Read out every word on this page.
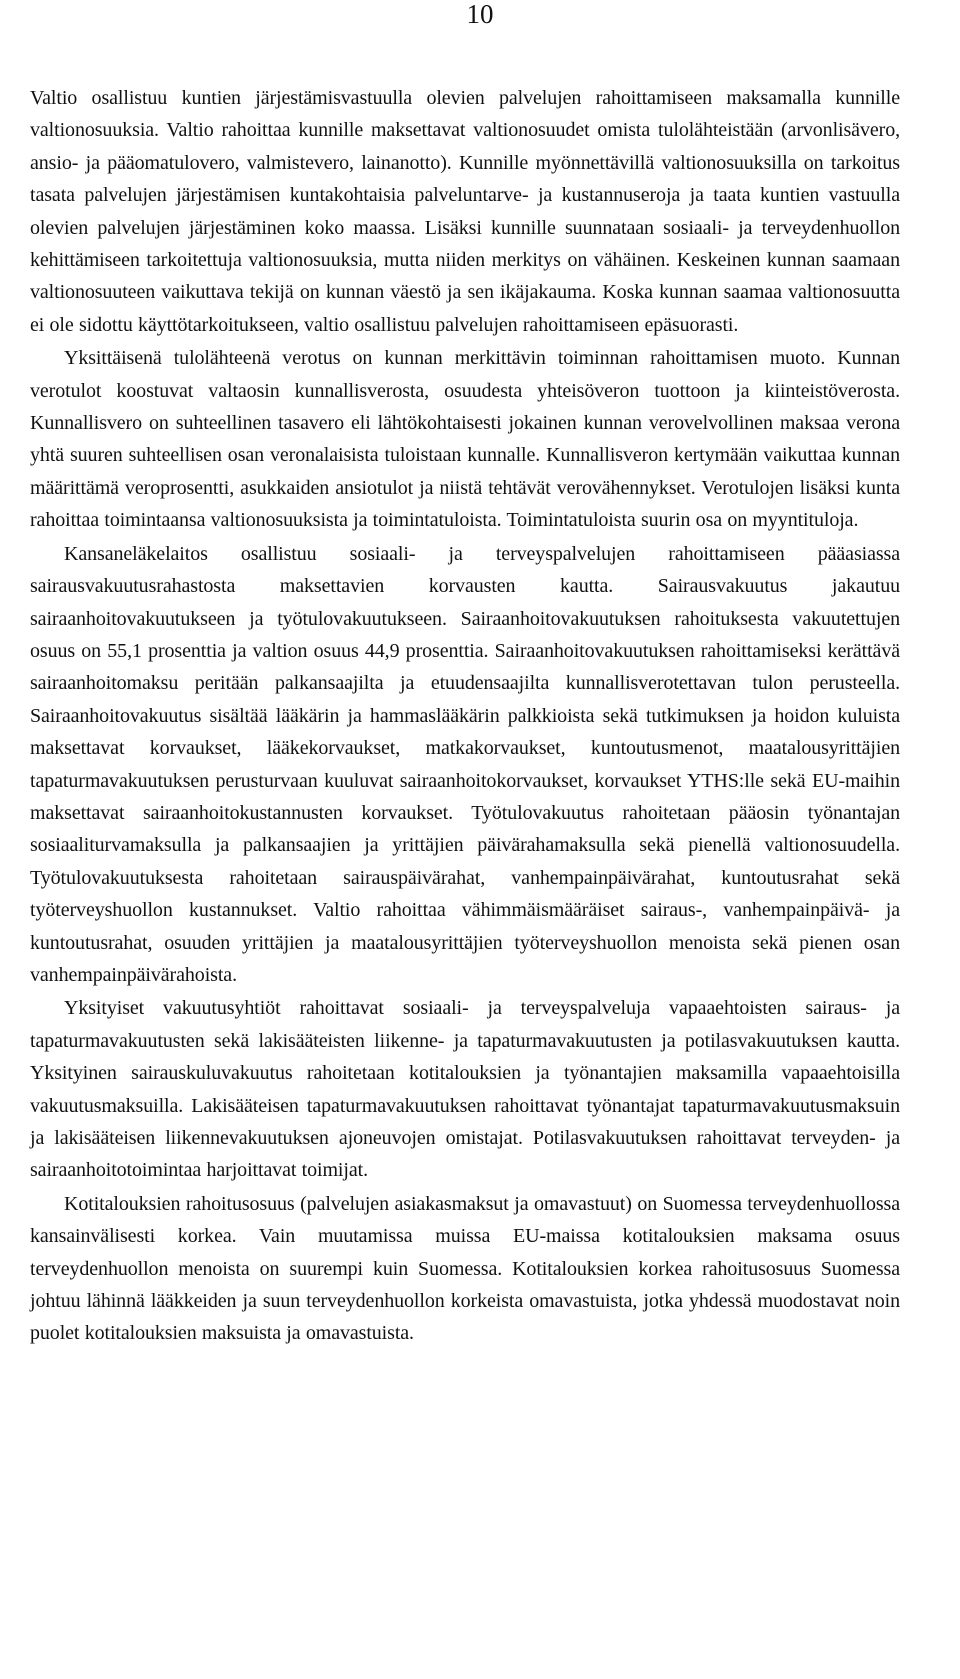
10

Valtio osallistuu kuntien järjestämisvastuulla olevien palvelujen rahoittamiseen maksamalla kunnille valtionosuuksia. Valtio rahoittaa kunnille maksettavat valtionosuudet omista tulolähteistään (arvonlisävero, ansio- ja pääomatulovero, valmistevero, lainanotto). Kunnille myönnettävillä valtionosuuksilla on tarkoitus tasata palvelujen järjestämisen kuntakohtaisia palveluntarve- ja kustannuseroja ja taata kuntien vastuulla olevien palvelujen järjestäminen koko maassa. Lisäksi kunnille suunnataan sosiaali- ja terveydenhuollon kehittämiseen tarkoitettuja valtionosuuksia, mutta niiden merkitys on vähäinen. Keskeinen kunnan saamaan valtionosuuteen vaikuttava tekijä on kunnan väestö ja sen ikäjakauma. Koska kunnan saamaa valtionosuutta ei ole sidottu käyttötarkoitukseen, valtio osallistuu palvelujen rahoittamiseen epäsuorasti.

Yksittäisenä tulolähteenä verotus on kunnan merkittävin toiminnan rahoittamisen muoto. Kunnan verotulot koostuvat valtaosin kunnallisverosta, osuudesta yhteisöveron tuottoon ja kiinteistöverosta. Kunnallisvero on suhteellinen tasavero eli lähtökohtaisesti jokainen kunnan verovelvollinen maksaa verona yhtä suuren suhteellisen osan veronalaisista tuloistaan kunnalle. Kunnallisveron kertymään vaikuttaa kunnan määrittämä veroprosentti, asukkaiden ansiotulot ja niistä tehtävät verovähennykset. Verotulojen lisäksi kunta rahoittaa toimintaansa valtionosuuksista ja toimintatuloista. Toimintatuloista suurin osa on myyntituloja.

Kansaneläkelaitos osallistuu sosiaali- ja terveyspalvelujen rahoittamiseen pääasiassa sairausvakuutusrahastosta maksettavien korvausten kautta. Sairausvakuutus jakautuu sairaanhoitovakuutukseen ja työtulovakuutukseen. Sairaanhoitovakuutuksen rahoituksesta vakuutettujen osuus on 55,1 prosenttia ja valtion osuus 44,9 prosenttia. Sairaanhoitovakuutuksen rahoittamiseksi kerättävä sairaanhoitomaksu peritään palkansaajilta ja etuudensaajilta kunnallisverotettavan tulon perusteella. Sairaanhoitovakuutus sisältää lääkärin ja hammaslääkärin palkkioista sekä tutkimuksen ja hoidon kuluista maksettavat korvaukset, lääkekorvaukset, matkakorvaukset, kuntoutusmenot, maatalousyrittäjien tapaturmavakuutuksen perusturvaan kuuluvat sairaanhoitokorvaukset, korvaukset YTHS:lle sekä EU-maihin maksettavat sairaanhoitokustannusten korvaukset. Työtulovakuutus rahoitetaan pääosin työnantajan sosiaaliturvamaksulla ja palkansaajien ja yrittäjien päivärahamaksulla sekä pienellä valtionosuudella. Työtulovakuutuksesta rahoitetaan sairauspäivärahat, vanhempainpäivärahat, kuntoutusrahat sekä työterveyshuollon kustannukset. Valtio rahoittaa vähimmäismääräiset sairaus-, vanhempainpäivä- ja kuntoutusrahat, osuuden yrittäjien ja maatalousyrittäjien työterveyshuollon menoista sekä pienen osan vanhempainpäivärahoista.

Yksityiset vakuutusyhtiöt rahoittavat sosiaali- ja terveyspalveluja vapaaehtoisten sairaus- ja tapaturmavakuutusten sekä lakisääteisten liikenne- ja tapaturmavakuutusten ja potilasvakuutuksen kautta. Yksityinen sairauskuluvakuutus rahoitetaan kotitalouksien ja työnantajien maksamilla vapaaehtoisilla vakuutusmaksuilla. Lakisääteisen tapaturmavakuutuksen rahoittavat työnantajat tapaturmavakuutusmaksuin ja lakisääteisen liikennevakuutuksen ajoneuvojen omistajat. Potilasvakuutuksen rahoittavat terveyden- ja sairaanhoitotoimintaa harjoittavat toimijat.

Kotitalouksien rahoitusosuus (palvelujen asiakasmaksut ja omavastuut) on Suomessa terveydenhuollossa kansainvälisesti korkea. Vain muutamissa muissa EU-maissa kotitalouksien maksama osuus terveydenhuollon menoista on suurempi kuin Suomessa. Kotitalouksien korkea rahoitusosuus Suomessa johtuu lähinnä lääkkeiden ja suun terveydenhuollon korkeista omavastuista, jotka yhdessä muodostavat noin puolet kotitalouksien maksuista ja omavastuista.
